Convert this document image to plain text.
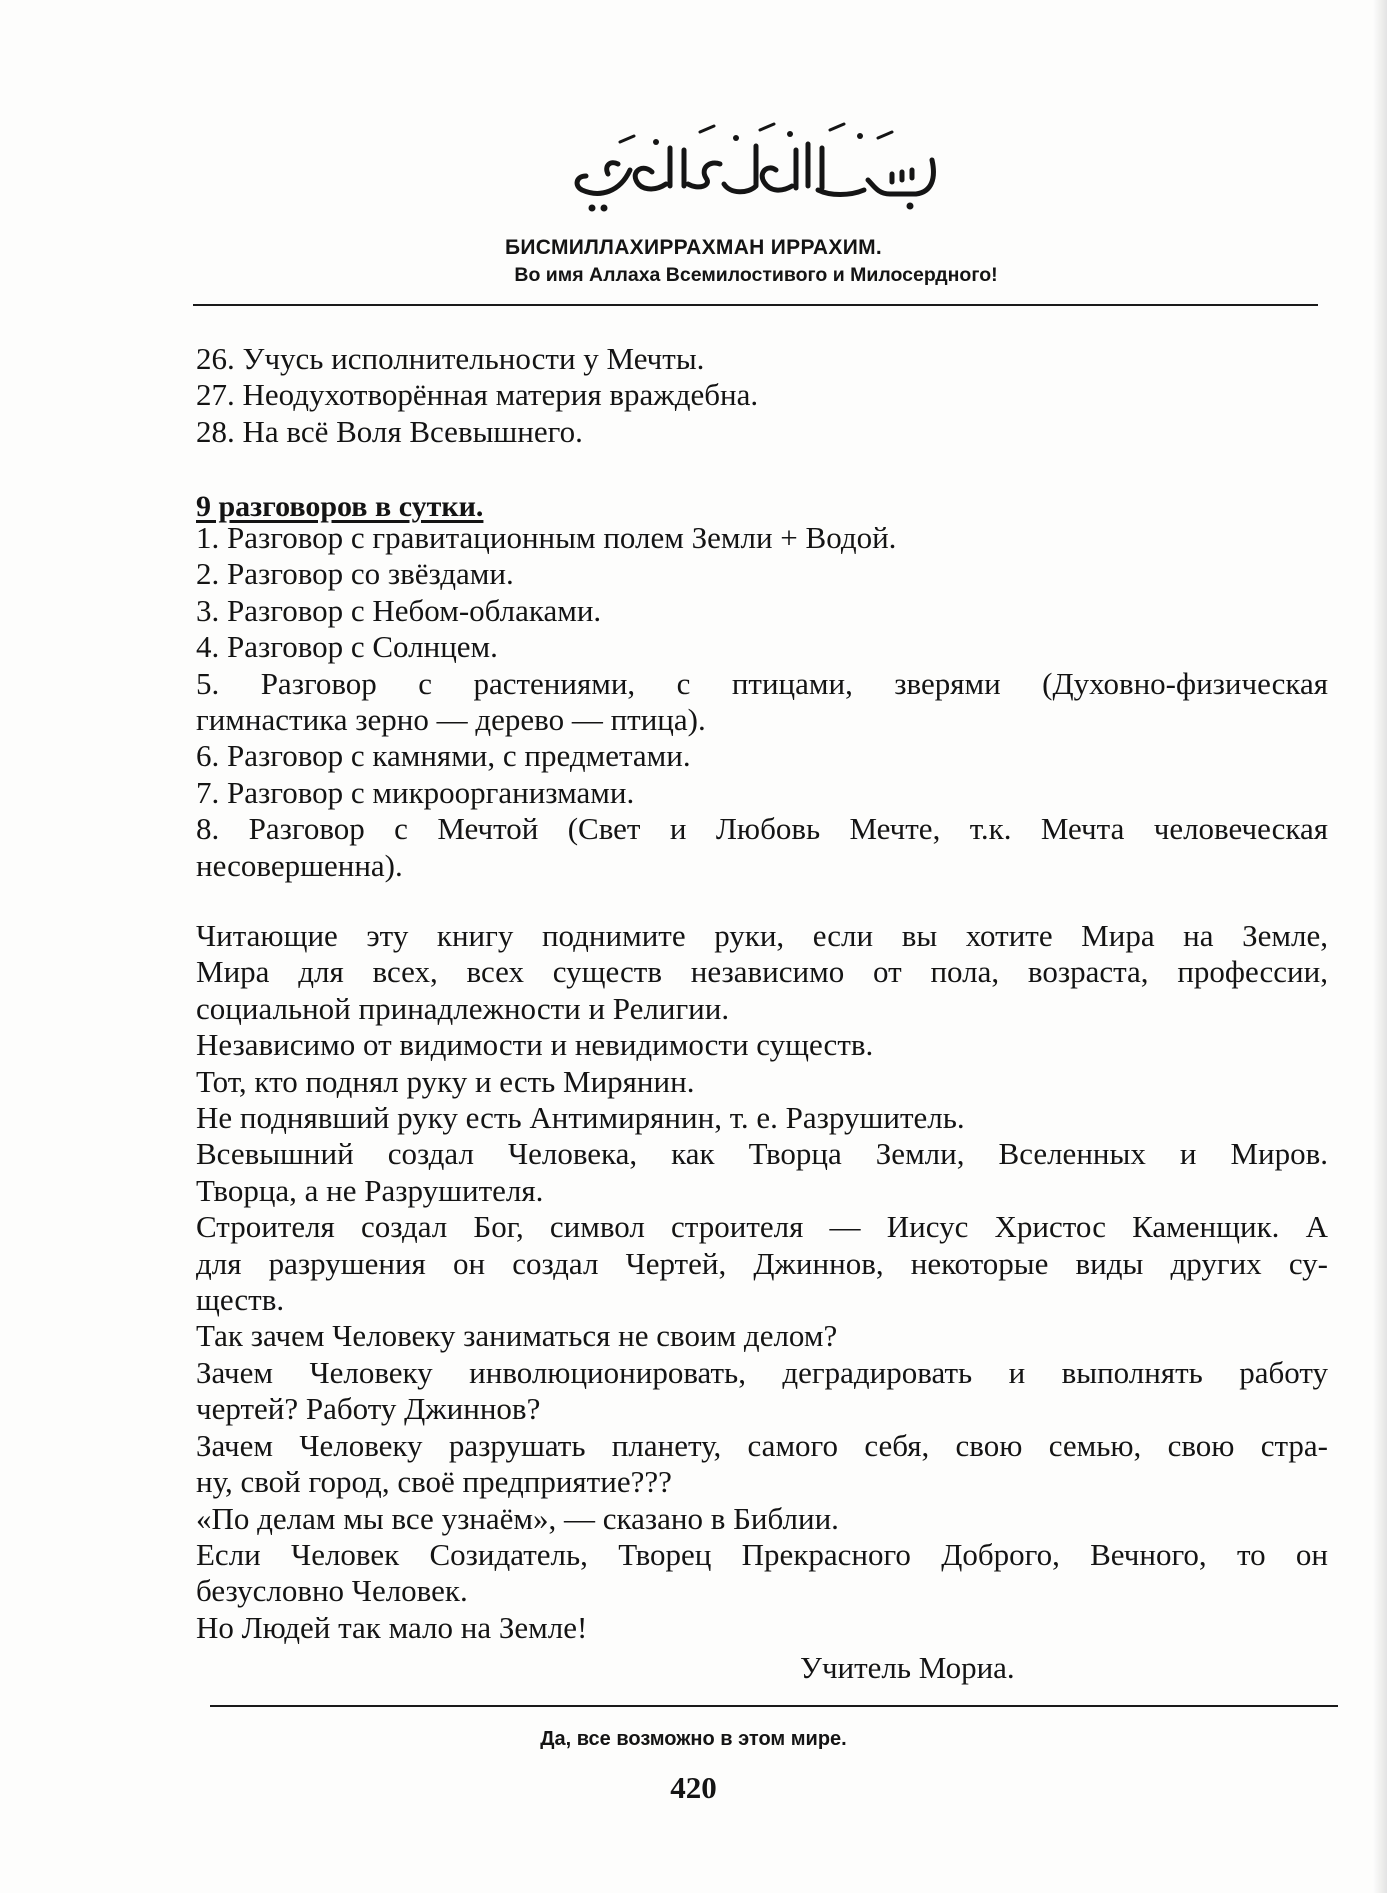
БИСМИЛЛАХИРРАХМАН ИРРАХИМ.
Во имя Аллаха Всемилостивого и Милосердного!
26. Учусь исполнительности у Мечты.
27. Неодухотворённая материя враждебна.
28. На всё Воля Всевышнего.
9 разговоров в сутки.
1. Разговор с гравитационным полем Земли + Водой.
2. Разговор со звёздами.
3. Разговор с Небом-облаками.
4. Разговор с Солнцем.
5. Разговор с растениями, с птицами, зверями (Духовно-физическая
гимнастика зерно — дерево — птица).
6. Разговор с камнями, с предметами.
7. Разговор с микроорганизмами.
8. Разговор с Мечтой (Свет и Любовь Мечте, т.к. Мечта человеческая
несовершенна).
Читающие эту книгу поднимите руки, если вы хотите Мира на Земле,
Мира для всех, всех существ независимо от пола, возраста, профессии,
социальной принадлежности и Религии.
Независимо от видимости и невидимости существ.
Тот, кто поднял руку и есть Мирянин.
Не поднявший руку есть Антимирянин, т. е. Разрушитель.
Всевышний создал Человека, как Творца Земли, Вселенных и Миров.
Творца, а не Разрушителя.
Строителя создал Бог, символ строителя — Иисус Христос Каменщик. А
для разрушения он создал Чертей, Джиннов, некоторые виды других су-
ществ.
Так зачем Человеку заниматься не своим делом?
Зачем Человеку инволюционировать, деградировать и выполнять работу
чертей? Работу Джиннов?
Зачем Человеку разрушать планету, самого себя, свою семью, свою стра-
ну, свой город, своё предприятие???
«По делам мы все узнаём», — сказано в Библии.
Если Человек Созидатель, Творец Прекрасного Доброго, Вечного, то он
безусловно Человек.
Но Людей так мало на Земле!
Учитель Мориа.
Да, все возможно в этом мире.
420
